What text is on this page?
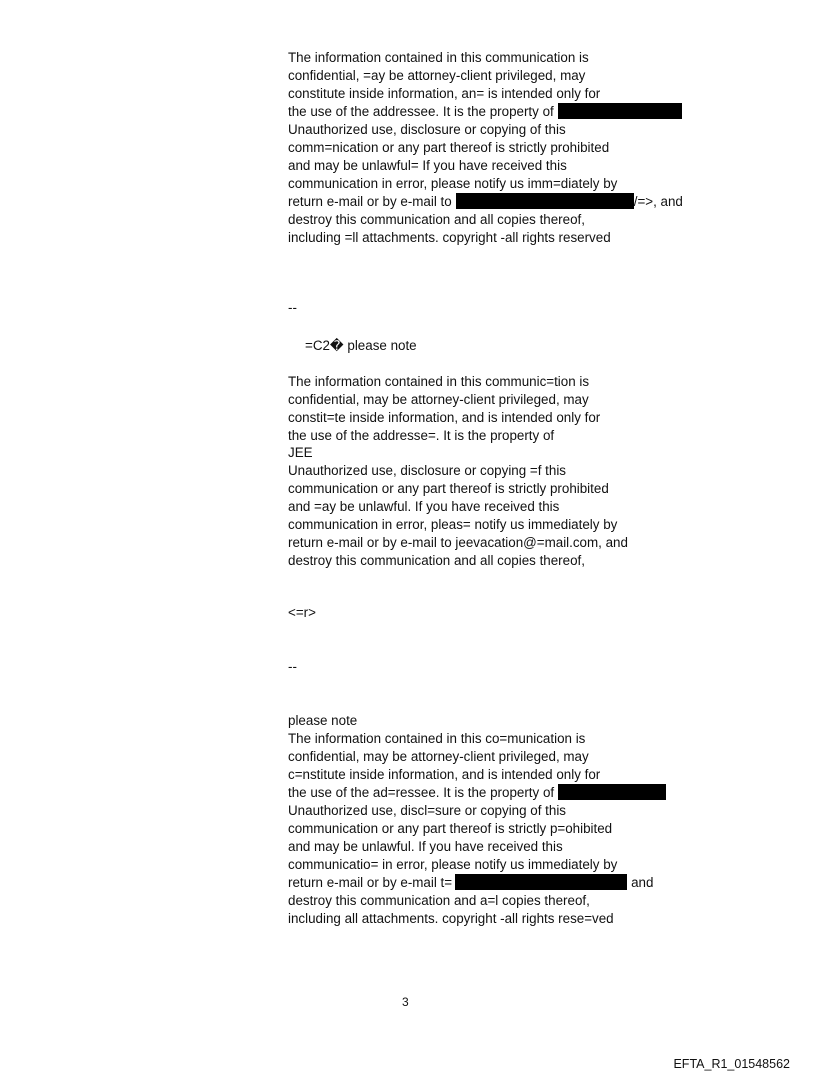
The information contained in this communication is
confidential, =ay be attorney-client privileged, may
constitute inside information, an= is intended only for
the use of the addressee. It is the property of
Unauthorized use, disclosure or copying of this
comm=nication or any part thereof is strictly prohibited
and may be unlawful= If you have received this
communication in error, please notify us imm=diately by
return e-mail or by e-mail to	/=>, and
destroy this communication and all copies thereof,
including =ll attachments. copyright -all rights reserved
--
=C2� please note
The information contained in this communic=tion is
confidential, may be attorney-client privileged, may
constit=te inside information, and is intended only for
the use of the addresse=. It is the property of
JEE
Unauthorized use, disclosure or copying =f this
communication or any part thereof is strictly prohibited
and =ay be unlawful. If you have received this
communication in error, pleas= notify us immediately by
return e-mail or by e-mail to jeevacation@=mail.com, and
destroy this communication and all copies thereof,
<=r>
--
please note
The information contained in this co=munication is
confidential, may be attorney-client privileged, may
c=nstitute inside information, and is intended only for
the use of the ad=ressee. It is the property of
Unauthorized use, discl=sure or copying of this
communication or any part thereof is strictly p=ohibited
and may be unlawful. If you have received this
communicatio= in error, please notify us immediately by
return e-mail or by e-mail t=	and
destroy this communication and a=l copies thereof,
including all attachments. copyright -all rights rese=ved
3
EFTA_R1_01548562
